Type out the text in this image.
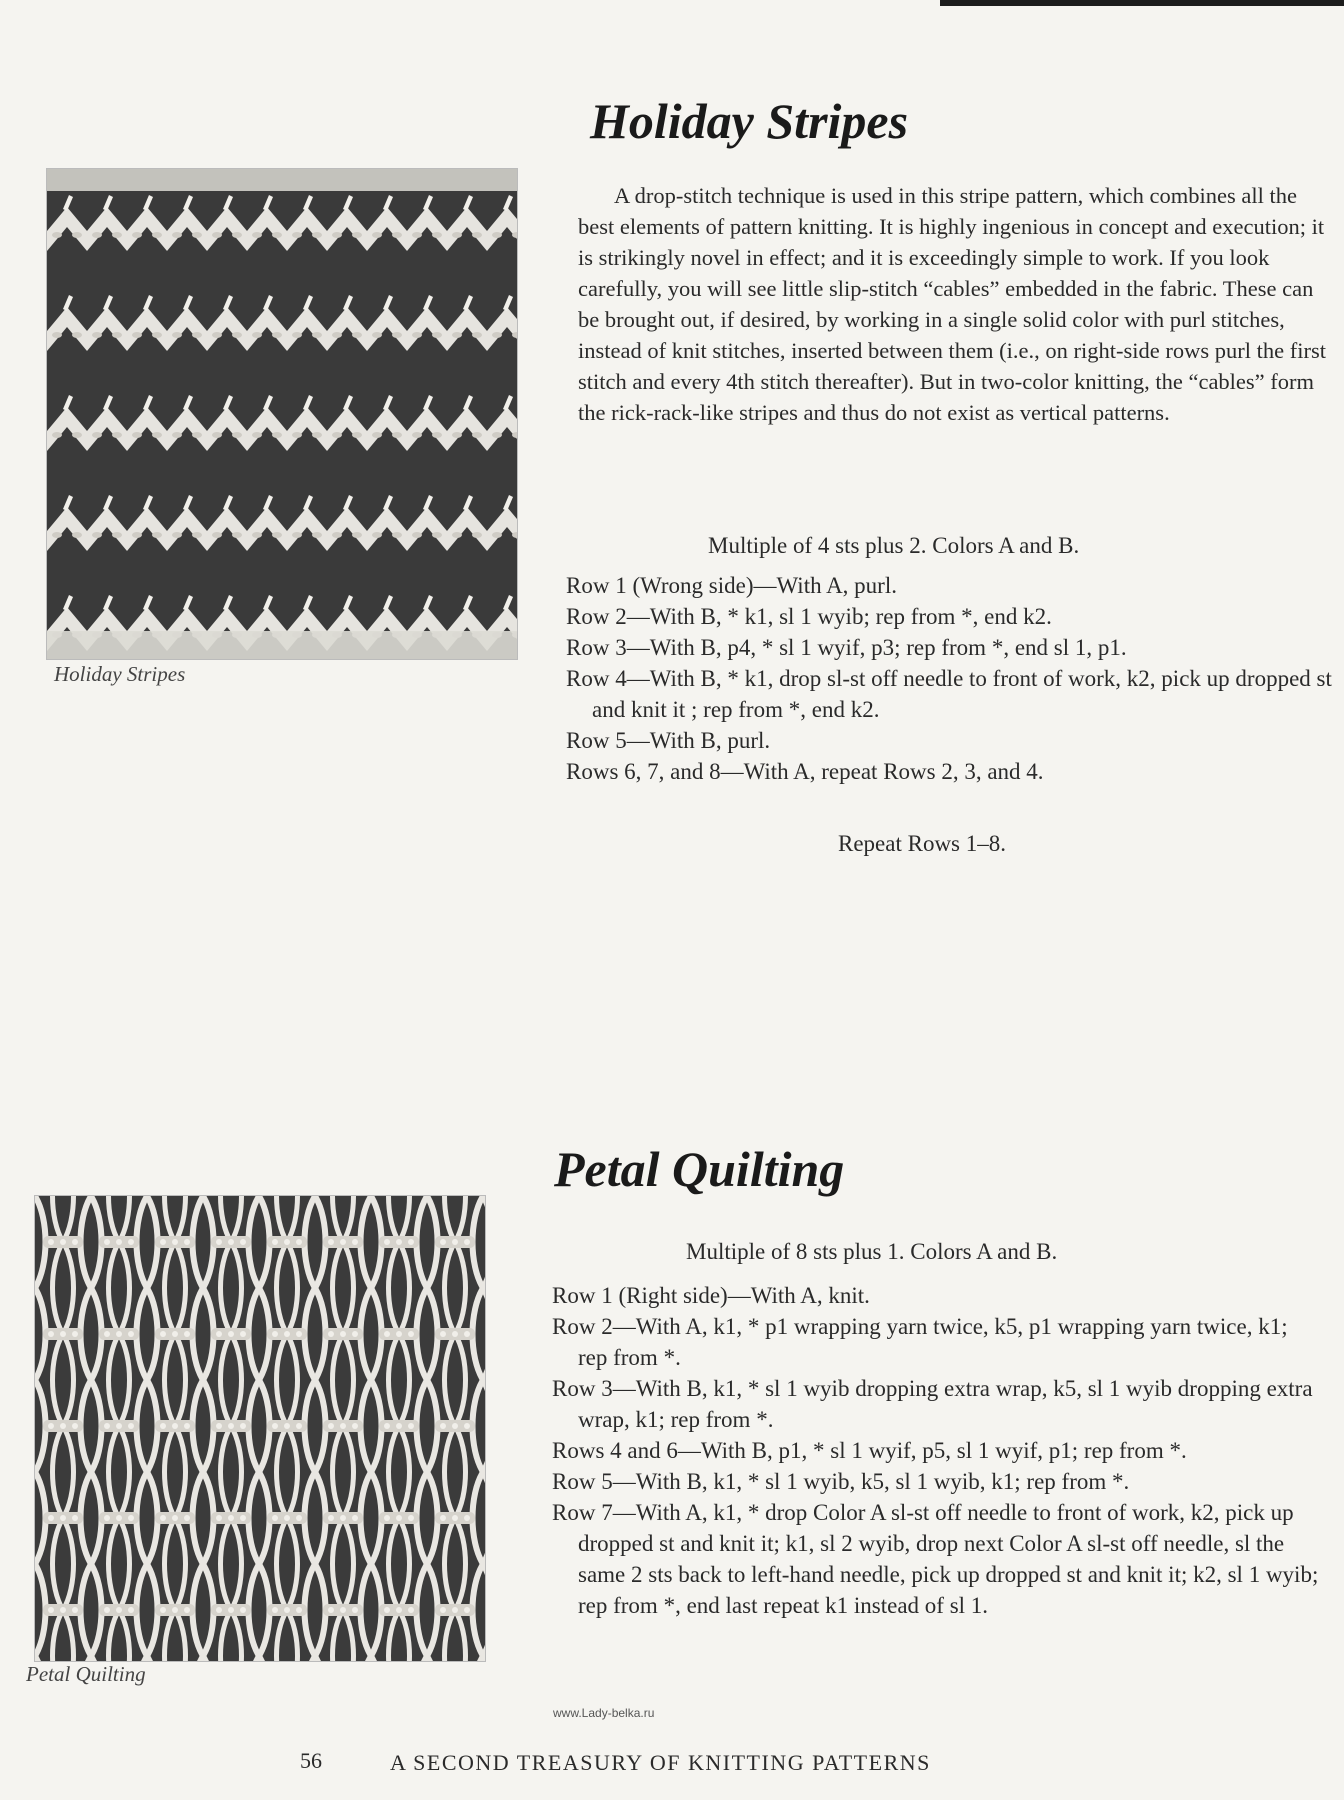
Holiday Stripes
Holiday Stripes

A drop-stitch technique is used in this stripe pattern, which combines all the best elements of pattern knitting. It is highly ingenious in concept and execution; it is strikingly novel in effect; and it is exceedingly simple to work. If you look carefully, you will see little slip-stitch “cables” embedded in the fabric. These can be brought out, if desired, by working in a single solid color with purl stitches, instead of knit stitches, inserted between them (i.e., on right-side rows purl the first stitch and every 4th stitch thereafter). But in two-color knitting, the “cables” form the rick-rack-like stripes and thus do not exist as vertical patterns.

Multiple of 4 sts plus 2. Colors A and B.
Row 1 (Wrong side)—With A, purl.
Row 2—With B, * k1, sl 1 wyib; rep from *, end k2.
Row 3—With B, p4, * sl 1 wyif, p3; rep from *, end sl 1, p1.
Row 4—With B, * k1, drop sl-st off needle to front of work, k2, pick up dropped st and knit it ; rep from *, end k2.
Row 5—With B, purl.
Rows 6, 7, and 8—With A, repeat Rows 2, 3, and 4.
Repeat Rows 1–8.
Petal Quilting
Petal Quilting
Multiple of 8 sts plus 1. Colors A and B.
Row 1 (Right side)—With A, knit.
Row 2—With A, k1, * p1 wrapping yarn twice, k5, p1 wrapping yarn twice, k1; rep from *.
Row 3—With B, k1, * sl 1 wyib dropping extra wrap, k5, sl 1 wyib dropping extra wrap, k1; rep from *.
Rows 4 and 6—With B, p1, * sl 1 wyif, p5, sl 1 wyif, p1; rep from *.
Row 5—With B, k1, * sl 1 wyib, k5, sl 1 wyib, k1; rep from *.
Row 7—With A, k1, * drop Color A sl-st off needle to front of work, k2, pick up dropped st and knit it; k1, sl 2 wyib, drop next Color A sl-st off needle, sl the same 2 sts back to left-hand needle, pick up dropped st and knit it; k2, sl 1 wyib; rep from *, end last repeat k1 instead of sl 1.
www.Lady-belka.ru
56	A SECOND TREASURY OF KNITTING PATTERNS
